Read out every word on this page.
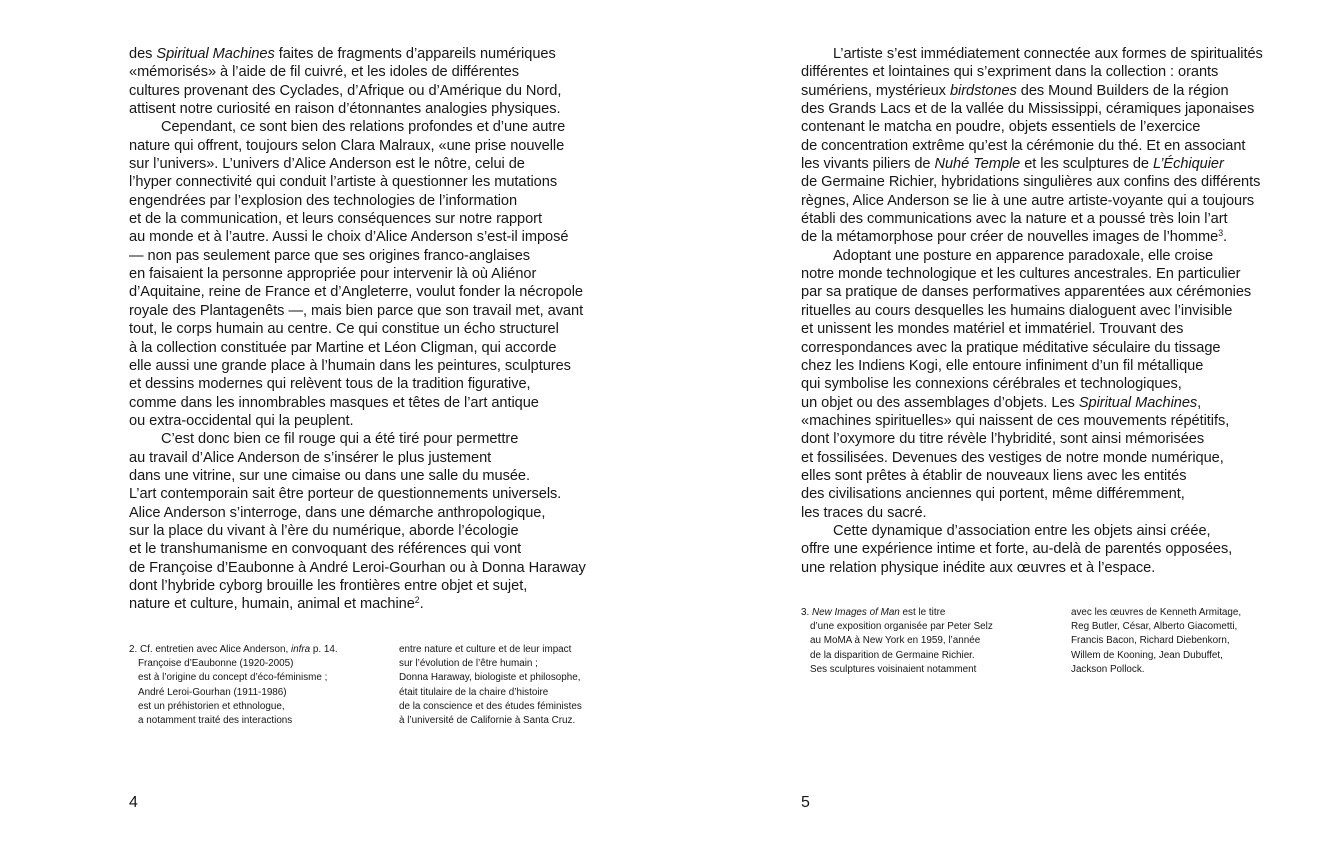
des Spiritual Machines faites de fragments d’appareils numériques
«mémorisés» à l’aide de fil cuivré, et les idoles de différentes
cultures provenant des Cyclades, d’Afrique ou d’Amérique du Nord,
attisent notre curiosité en raison d’étonnantes analogies physiques.
Cependant, ce sont bien des relations profondes et d’une autre
nature qui offrent, toujours selon Clara Malraux, «une prise nouvelle
sur l’univers». L’univers d’Alice Anderson est le nôtre, celui de
l’hyper connectivité qui conduit l’artiste à questionner les mutations
engendrées par l’explosion des technologies de l’information
et de la communication, et leurs conséquences sur notre rapport
au monde et à l’autre. Aussi le choix d’Alice Anderson s’est-il imposé
— non pas seulement parce que ses origines franco-anglaises
en faisaient la personne appropriée pour intervenir là où Aliénor
d’Aquitaine, reine de France et d’Angleterre, voulut fonder la nécropole
royale des Plantagenêts —, mais bien parce que son travail met, avant
tout, le corps humain au centre. Ce qui constitue un écho structurel
à la collection constituée par Martine et Léon Cligman, qui accorde
elle aussi une grande place à l’humain dans les peintures, sculptures
et dessins modernes qui relèvent tous de la tradition figurative,
comme dans les innombrables masques et têtes de l’art antique
ou extra-occidental qui la peuplent.
C’est donc bien ce fil rouge qui a été tiré pour permettre
au travail d’Alice Anderson de s’insérer le plus justement
dans une vitrine, sur une cimaise ou dans une salle du musée.
L’art contemporain sait être porteur de questionnements universels.
Alice Anderson s’interroge, dans une démarche anthropologique,
sur la place du vivant à l’ère du numérique, aborde l’écologie
et le transhumanisme en convoquant des références qui vont
de Françoise d’Eaubonne à André Leroi-Gourhan ou à Donna Haraway
dont l’hybride cyborg brouille les frontières entre objet et sujet,
nature et culture, humain, animal et machine$^2$.
2. Cf. entretien avec Alice Anderson, infra p. 14.
Françoise d’Eaubonne (1920-2005)
est à l’origine du concept d’éco-féminisme ;
André Leroi-Gourhan (1911-1986)
est un préhistorien et ethnologue,
a notamment traité des interactions
entre nature et culture et de leur impact
sur l’évolution de l’être humain ;
Donna Haraway, biologiste et philosophe,
était titulaire de la chaire d’histoire
de la conscience et des études féministes
à l’université de Californie à Santa Cruz.
4
L’artiste s’est immédiatement connectée aux formes de spiritualités
différentes et lointaines qui s’expriment dans la collection : orants
sumériens, mystérieux birdstones des Mound Builders de la région
des Grands Lacs et de la vallée du Mississippi, céramiques japonaises
contenant le matcha en poudre, objets essentiels de l’exercice
de concentration extrême qu’est la cérémonie du thé. Et en associant
les vivants piliers de Nuhé Temple et les sculptures de L’Échiquier
de Germaine Richier, hybridations singulières aux confins des différents
règnes, Alice Anderson se lie à une autre artiste-voyante qui a toujours
établi des communications avec la nature et a poussé très loin l’art
de la métamorphose pour créer de nouvelles images de l’homme$^3$.
Adoptant une posture en apparence paradoxale, elle croise
notre monde technologique et les cultures ancestrales. En particulier
par sa pratique de danses performatives apparentées aux cérémonies
rituelles au cours desquelles les humains dialoguent avec l’invisible
et unissent les mondes matériel et immatériel. Trouvant des
correspondances avec la pratique méditative séculaire du tissage
chez les Indiens Kogi, elle entoure infiniment d’un fil métallique
qui symbolise les connexions cérébrales et technologiques,
un objet ou des assemblages d’objets. Les Spiritual Machines,
«machines spirituelles» qui naissent de ces mouvements répétitifs,
dont l’oxymore du titre révèle l’hybridité, sont ainsi mémorisées
et fossilisées. Devenues des vestiges de notre monde numérique,
elles sont prêtes à établir de nouveaux liens avec les entités
des civilisations anciennes qui portent, même différemment,
les traces du sacré.
Cette dynamique d’association entre les objets ainsi créée,
offre une expérience intime et forte, au-delà de parentés opposées,
une relation physique inédite aux œuvres et à l’espace.
3. New Images of Man est le titre
d’une exposition organisée par Peter Selz
au MoMA à New York en 1959, l’année
de la disparition de Germaine Richier.
Ses sculptures voisinaient notamment
avec les œuvres de Kenneth Armitage,
Reg Butler, César, Alberto Giacometti,
Francis Bacon, Richard Diebenkorn,
Willem de Kooning, Jean Dubuffet,
Jackson Pollock.
5
